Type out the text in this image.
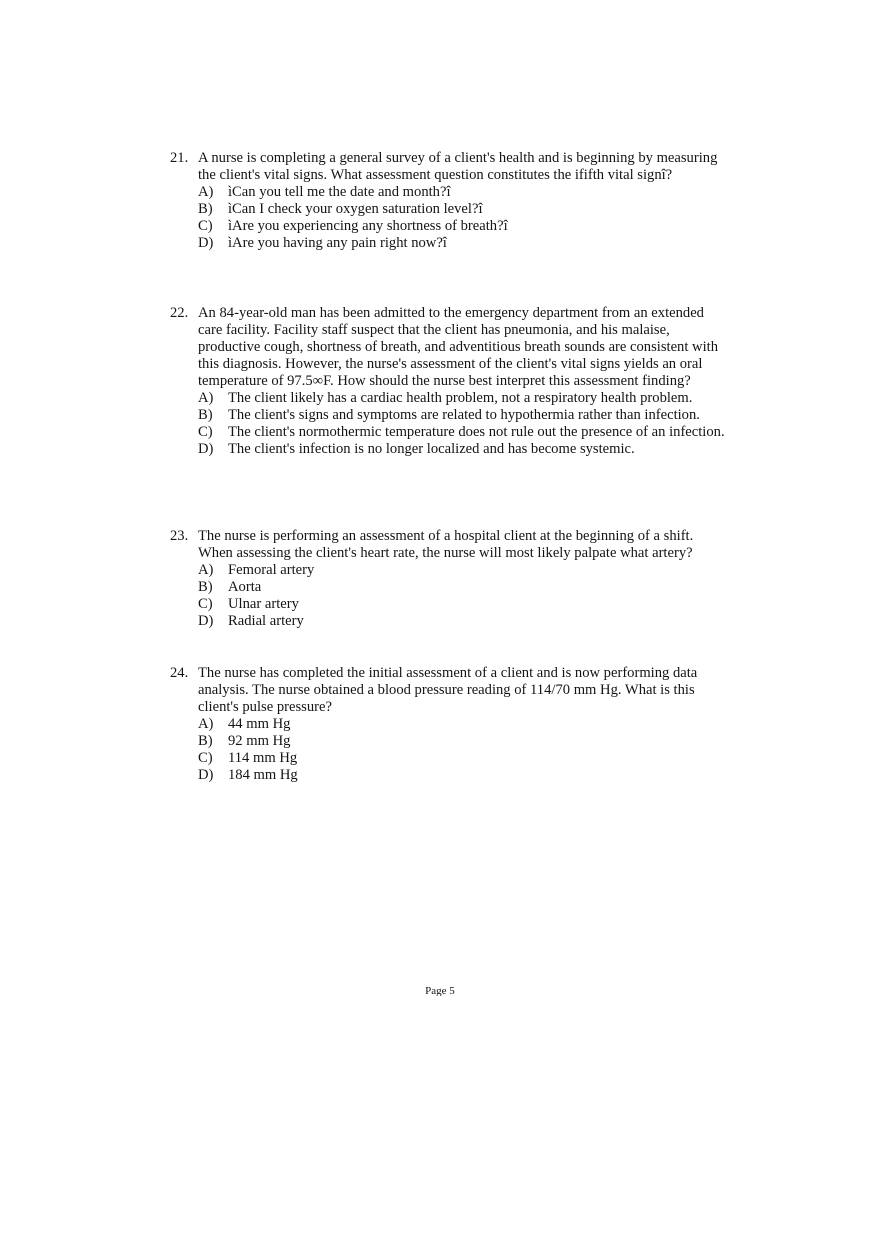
21. A nurse is completing a general survey of a client's health and is beginning by measuring the client's vital signs. What assessment question constitutes the ififth vital signî?
A) ìCan you tell me the date and month?î
B) ìCan I check your oxygen saturation level?î
C) ìAre you experiencing any shortness of breath?î
D) ìAre you having any pain right now?î
22. An 84-year-old man has been admitted to the emergency department from an extended care facility. Facility staff suspect that the client has pneumonia, and his malaise, productive cough, shortness of breath, and adventitious breath sounds are consistent with this diagnosis. However, the nurse's assessment of the client's vital signs yields an oral temperature of 97.5∞F. How should the nurse best interpret this assessment finding?
A) The client likely has a cardiac health problem, not a respiratory health problem.
B) The client's signs and symptoms are related to hypothermia rather than infection.
C) The client's normothermic temperature does not rule out the presence of an infection.
D) The client's infection is no longer localized and has become systemic.
23. The nurse is performing an assessment of a hospital client at the beginning of a shift. When assessing the client's heart rate, the nurse will most likely palpate what artery?
A) Femoral artery
B) Aorta
C) Ulnar artery
D) Radial artery
24. The nurse has completed the initial assessment of a client and is now performing data analysis. The nurse obtained a blood pressure reading of 114/70 mm Hg. What is this client's pulse pressure?
A) 44 mm Hg
B) 92 mm Hg
C) 114 mm Hg
D) 184 mm Hg
Page 5
